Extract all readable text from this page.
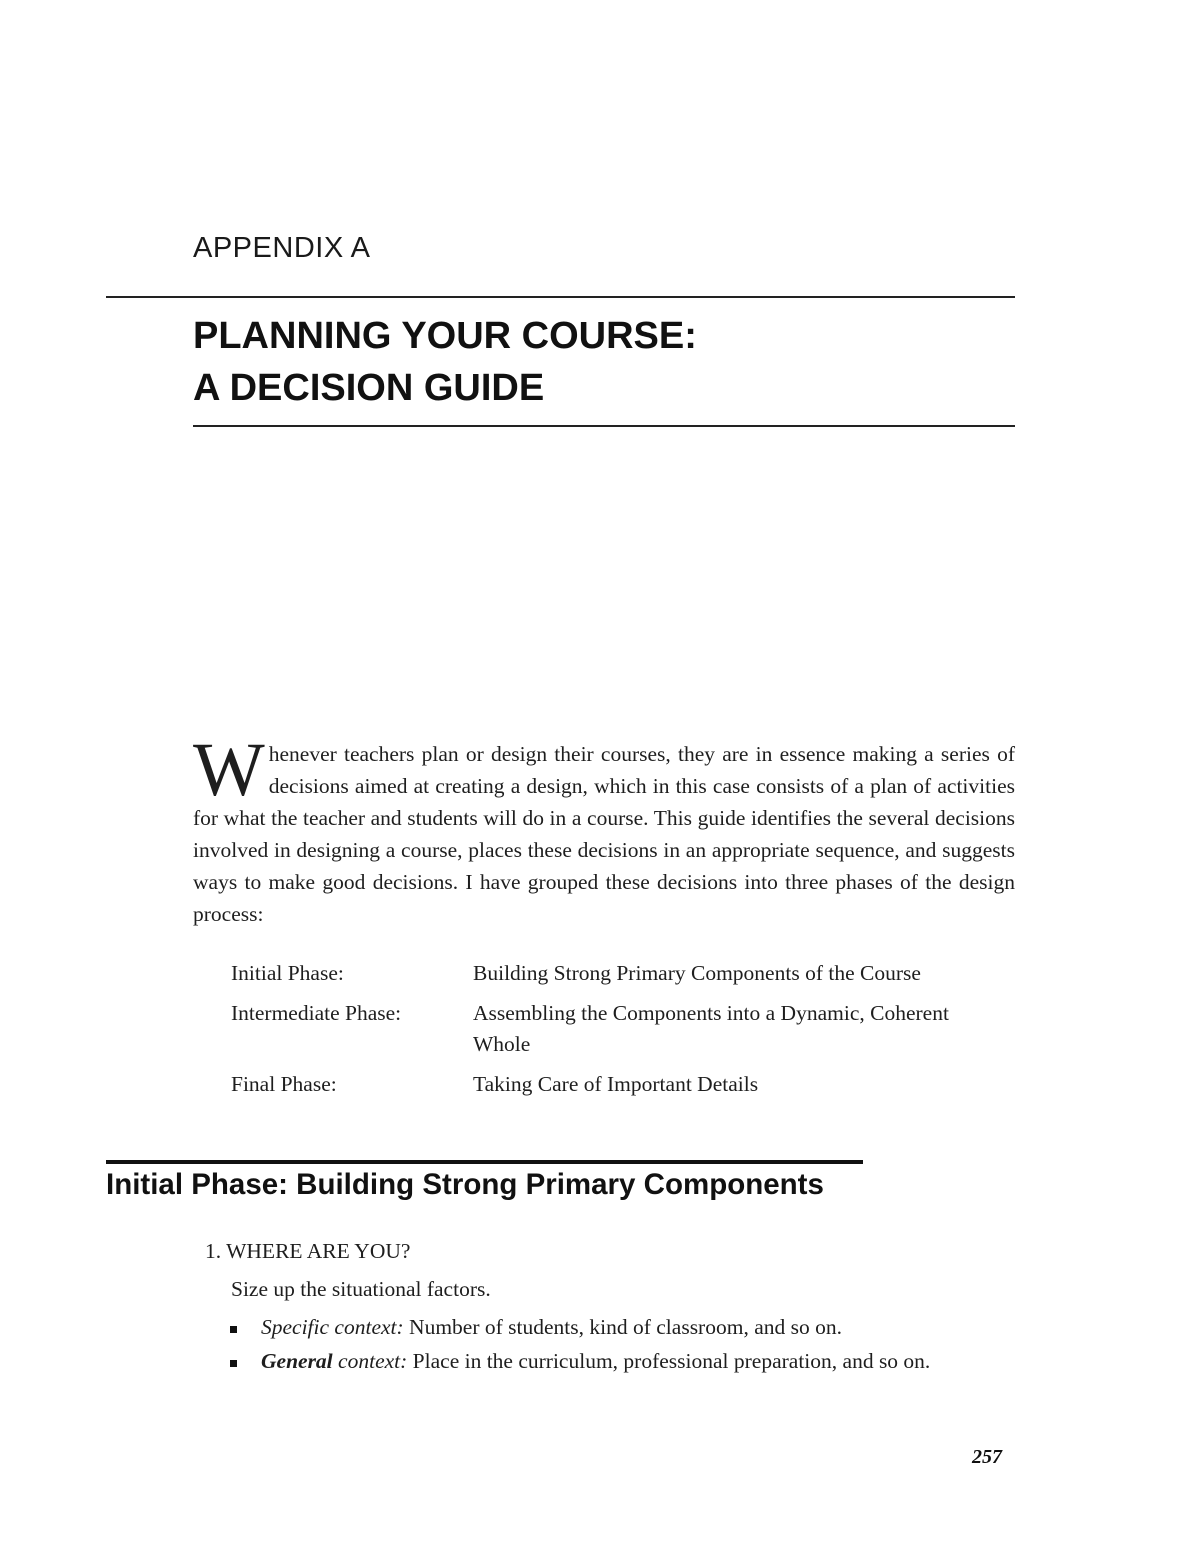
APPENDIX A
PLANNING YOUR COURSE:
A DECISION GUIDE

Whenever teachers plan or design their courses, they are in essence making a series of decisions aimed at creating a design, which in this case consists of a plan of activities for what the teacher and students will do in a course. This guide identifies the several decisions involved in designing a course, places these decisions in an appropriate sequence, and suggests ways to make good decisions. I have grouped these decisions into three phases of the design process:

Initial Phase:	Building Strong Primary Components of the Course
Intermediate Phase:	Assembling the Components into a Dynamic, Coherent Whole
Final Phase:	Taking Care of Important Details
Initial Phase: Building Strong Primary Components
1. WHERE ARE YOU?
Size up the situational factors.
Specific context: Number of students, kind of classroom, and so on.
General context: Place in the curriculum, professional preparation, and so on.
257
